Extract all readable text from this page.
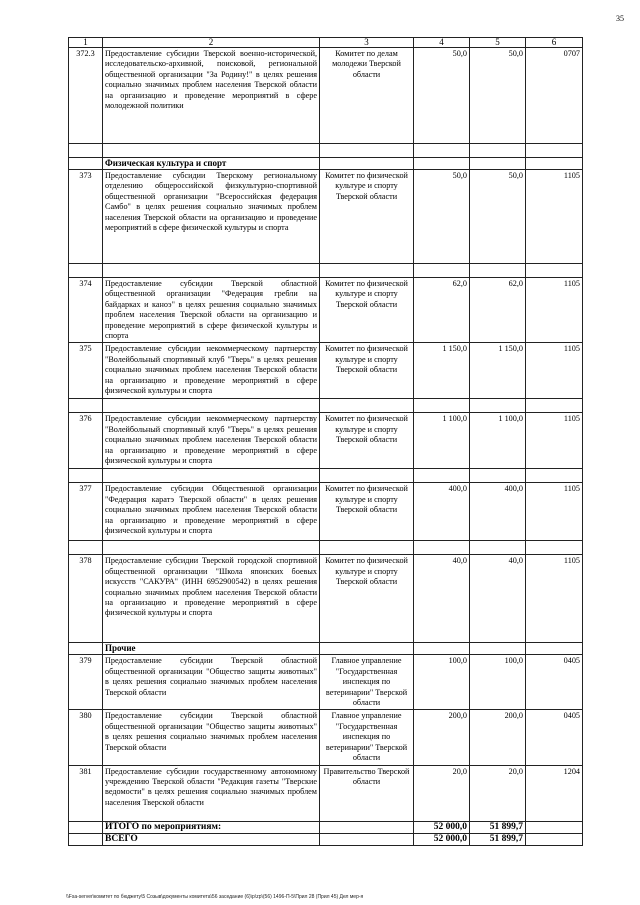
35
1	2	3	4	5	6
372.3	Предоставление субсидии Тверской военно-исторической, исследовательско-архивной, поисковой, региональной общественной организации "За Родину!" в целях решения социально значимых проблем населения Тверской области на организацию и проведение мероприятий в сфере молодежной политики	Комитет по делам молодежи Тверской области	50,0	50,0	0707

	Физическая культура и спорт				
373	Предоставление субсидии Тверскому региональному отделению общероссийской физкультурно-спортивной общественной организации "Всероссийская федерация Самбо" в целях решения социально значимых проблем населения Тверской области на организацию и проведение мероприятий в сфере физической культуры и спорта	Комитет по физической культуре и спорту Тверской области	50,0	50,0	1105

374	Предоставление субсидии Тверской областной общественной организации "Федерация гребли на байдарках и каноэ" в целях решения социально значимых проблем населения Тверской области на организацию и проведение мероприятий в сфере физической культуры и спорта	Комитет по физической культуре и спорту Тверской области	62,0	62,0	1105
375	Предоставление субсидии некоммерческому партнерству "Волейбольный спортивный клуб "Тверь" в целях решения социально значимых проблем населения Тверской области на организацию и проведение мероприятий в сфере физической культуры и спорта	Комитет по физической культуре и спорту Тверской области	1 150,0	1 150,0	1105

376	Предоставление субсидии некоммерческому партнерству "Волейбольный спортивный клуб "Тверь" в целях решения социально значимых проблем населения Тверской области на организацию и проведение мероприятий в сфере физической культуры и спорта	Комитет по физической культуре и спорту Тверской области	1 100,0	1 100,0	1105

377	Предоставление субсидии Общественной организации "Федерация каратэ Тверской области" в целях решения социально значимых проблем населения Тверской области на организацию и проведение мероприятий в сфере физической культуры и спорта	Комитет по физической культуре и спорту Тверской области	400,0	400,0	1105

378	Предоставление субсидии Тверской городской спортивной общественной организации "Школа японских боевых искусств "САКУРА" (ИНН 6952900542) в целях решения социально значимых проблем населения Тверской области на организацию и проведение мероприятий в сфере физической культуры и спорта	Комитет по физической культуре и спорту Тверской области	40,0	40,0	1105
	Прочие				
379	Предоставление субсидии Тверской областной общественной организации "Общество защиты животных" в целях решения социально значимых проблем населения Тверской области	Главное управление "Государственная инспекция по ветеринарии" Тверской области	100,0	100,0	0405
380	Предоставление субсидии Тверской областной общественной организации "Общество защиты животных" в целях решения социально значимых проблем населения Тверской области	Главное управление "Государственная инспекция по ветеринарии" Тверской области	200,0	200,0	0405
381	Предоставление субсидии государственному автономному учреждению Тверской области "Редакция газеты "Тверские ведомости" в целях решения социально значимых проблем населения Тверской области	Правительство Тверской области	20,0	20,0	1204
	ИТОГО по мероприятиям:		52 000,0	51 899,7	
	ВСЕГО		52 000,0	51 899,7	
\\Fsa-server\комитет по бюджету\5 Созыв\документы комитета\56 заседание (6)\р\zp\(56) 1496-П-5\Прил 28 (Прил 45) Дел мер-я
